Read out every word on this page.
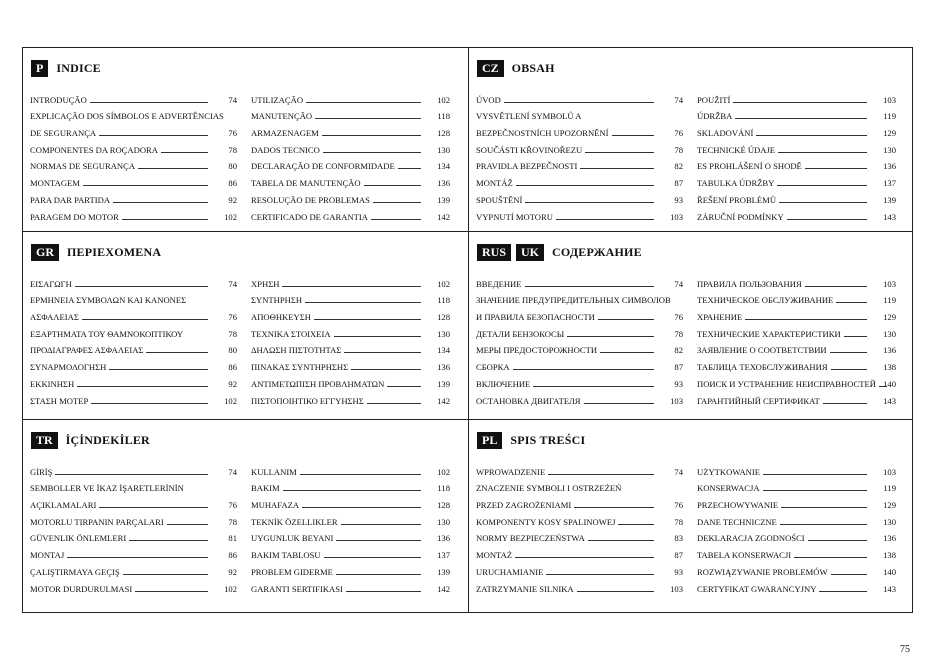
P	INDICE
INTRODUÇÃO	74
EXPLICAÇÃO DOS SÍMBOLOS E ADVERTÊNCIAS
DE SEGURANÇA	76
COMPONENTES DA ROÇADORA	78
NORMAS DE SEGURANÇA	80
MONTAGEM	86
PARA DAR PARTIDA	92
PARAGEM DO MOTOR	102
UTILIZAÇÃO	102
MANUTENÇÃO	118
ARMAZENAGEM	128
DADOS TECNICO	130
DECLARAÇÃO DE CONFORMIDADE	134
TABELA DE MANUTENÇÃO	136
RESOLUÇÃO DE PROBLEMAS	139
CERTIFICADO DE GARANTIA	142
CZ	OBSAH
ÚVOD	74
VYSVĚTLENÍ SYMBOLŮ A
BEZPEČNOSTNÍCH UPOZORNĚNÍ	76
SOUČÁSTI KŘOVINOŘEZU	78
PRAVIDLA BEZPEČNOSTI	82
MONTÁŽ	87
SPOUŠTĚNÍ	93
VYPNUTÍ MOTORU	103
POUŽITÍ	103
ÚDRŽBA	119
SKLADOVÁNÍ	129
TECHNICKÉ ÚDAJE	130
ES PROHLÁŠENÍ O SHODĚ	136
TABULKA ÚDRŽBY	137
ŘEŠENÍ PROBLÉMŮ	139
ZÁRUČNÍ PODMÍNKY	143
GR	ΠΕΡΙΕΧΟΜΕΝΑ
ΕΙΣΑΓΩΓΗ	74
ΕΡΜΗΝΕΙΑ ΣΥΜΒΟΛΩΝ ΚΑΙ ΚΑΝΟΝΕΣ
ΑΣΦΑΛΕΙΑΣ	76
ΕΞΑΡΤΗΜΑΤΑ ΤΟΥ ΘΑΜΝΟΚΟΠΤΙΚΟΥ	78
ΠΡΟΔΙΑΓΡΑΦΕΣ ΑΣΦΑΛΕΙΑΣ	80
ΣΥΝΑΡΜΟΛΟΓΗΣΗ	86
ΕΚΚΙΝΗΣΗ	92
ΣΤΑΣΗ ΜΟΤΕΡ	102
ΧΡΗΣΗ	102
ΣΥΝΤΗΡΗΣΗ	118
ΑΠΟΘΗΚΕΥΣΗ	128
ΤΕΧΝΙΚΑ ΣΤΟΙΧΕΙΑ	130
ΔΗΛΩΣΗ ΠΙΣΤΟΤΗΤΑΣ	134
ΠΙΝΑΚΑΣ ΣΥΝΤΗΡΗΣΗΣ	136
ΑΝΤΙΜΕΤΩΠΙΣΗ ΠΡΟΒΛΗΜΑΤΩΝ	139
ΠΙΣΤΟΠΟΙΗΤΙΚΟ ΕΓΓΥΗΣΗΣ	142
RUS	UK	СОДЕРЖАНИЕ
ВВЕДЕНИЕ	74
ЗНАЧЕНИЕ ПРЕДУПРЕДИТЕЛЬНЫХ СИМВОЛОВ
И ПРАВИЛА БЕЗОПАСНОСТИ	76
ДЕТАЛИ БЕНЗОКОСЫ	78
МЕРЫ ПРЕДОСТОРОЖНОСТИ	82
СБОРКА	87
ВКЛЮЧЕНИЕ	93
ОСТАНОВКА ДВИГАТЕЛЯ	103
ПРАВИЛА ПОЛЬЗОВАНИЯ	103
ТЕХНИЧЕСКОЕ ОБСЛУЖИВАНИЕ	119
ХРАНЕНИЕ	129
ТЕХНИЧЕСКИЕ ХАРАКТЕРИСТИКИ	130
ЗАЯВЛЕНИЕ О СООТВЕТСТВИИ	136
ТАБЛИЦА ТЕХОБСЛУЖИВАНИЯ	138
ПОИСК И УСТРАНЕНИЕ НЕИСПРАВНОСТЕЙ 140
ГАРАНТИЙНЫЙ СЕРТИФИКАТ	143
TR	İÇİNDEKİLER
GİRİŞ	74
SEMBOLLER VE İKAZ İŞARETLERİNİN
AÇIKLAMALARI	76
MOTORLU TIRPANIN PARÇALARI	78
GÜVENLIK ÖNLEMLERI	81
MONTAJ	86
ÇALIŞTIRMAYA GEÇIŞ	92
MOTOR DURDURULMASI	102
KULLANIM	102
BAKIM	118
MUHAFAZA	128
TEKNİK ÖZELLIKLER	130
UYGUNLUK BEYANI	136
BAKIM TABLOSU	137
PROBLEM GIDERME	139
GARANTI SERTIFIKASI	142
PL	SPIS TREŚCI
WPROWADZENIE	74
ZNACZENIE SYMBOLI I OSTRZEŻEŃ
PRZED ZAGROŻENIAMI	76
KOMPONENTY KOSY SPALINOWEJ	78
NORMY BEZPIECZEŃSTWA	83
MONTAŻ	87
URUCHAMIANIE	93
ZATRZYMANIE SILNIKA	103
UŻYTKOWANIE	103
KONSERWACJA	119
PRZECHOWYWANIE	129
DANE TECHNICZNE	130
DEKLARACJA ZGODNOŚCI	136
TABELA KONSERWACJI	138
ROZWIĄZYWANIE PROBLEMÓW	140
CERTYFIKAT GWARANCYJNY	143
75
